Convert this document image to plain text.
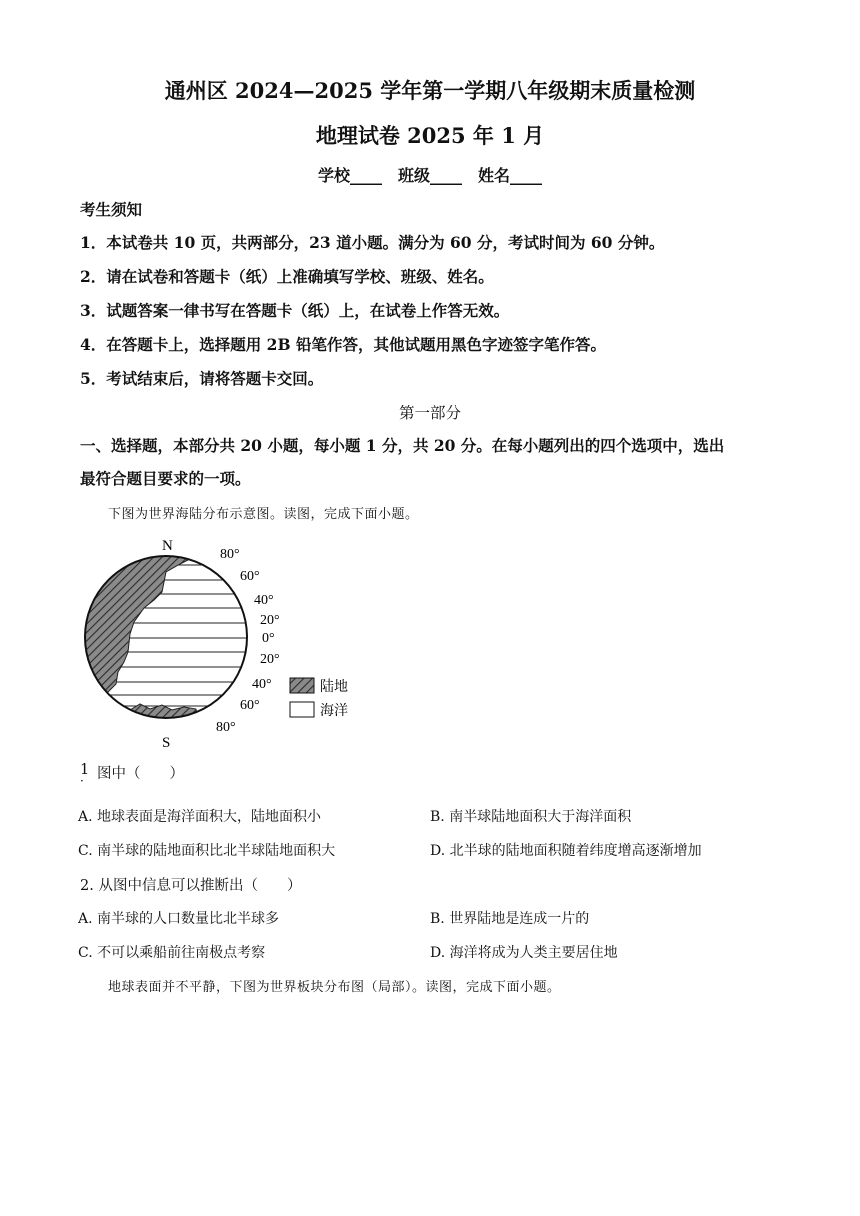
通州区 2024—2025 学年第一学期八年级期末质量检测
地理试卷 2025 年 1 月
学校____　班级____　姓名____
考生须知
1．本试卷共 10 页，共两部分，23 道小题。满分为 60 分，考试时间为 60 分钟。
2．请在试卷和答题卡（纸）上准确填写学校、班级、姓名。
3．试题答案一律书写在答题卡（纸）上，在试卷上作答无效。
4．在答题卡上，选择题用 2B 铅笔作答，其他试题用黑色字迹签字笔作答。
5．考试结束后，请将答题卡交回。
第一部分
一、选择题，本部分共 20 小题，每小题 1 分，共 20 分。在每小题列出的四个选项中，选出
最符合题目要求的一项。
下图为世界海陆分布示意图。读图，完成下面小题。
N
S
80°
60°
40°
20°
0°
20°
40°
60°
80°
陆地
海洋
1
· 图中（　　）
A. 地球表面是海洋面积大，陆地面积小	B. 南半球陆地面积大于海洋面积
C. 南半球的陆地面积比北半球陆地面积大	D. 北半球的陆地面积随着纬度增高逐渐增加
2. 从图中信息可以推断出（　　）
A. 南半球的人口数量比北半球多	B. 世界陆地是连成一片的
C. 不可以乘船前往南极点考察	D. 海洋将成为人类主要居住地
地球表面并不平静，下图为世界板块分布图（局部）。读图，完成下面小题。
